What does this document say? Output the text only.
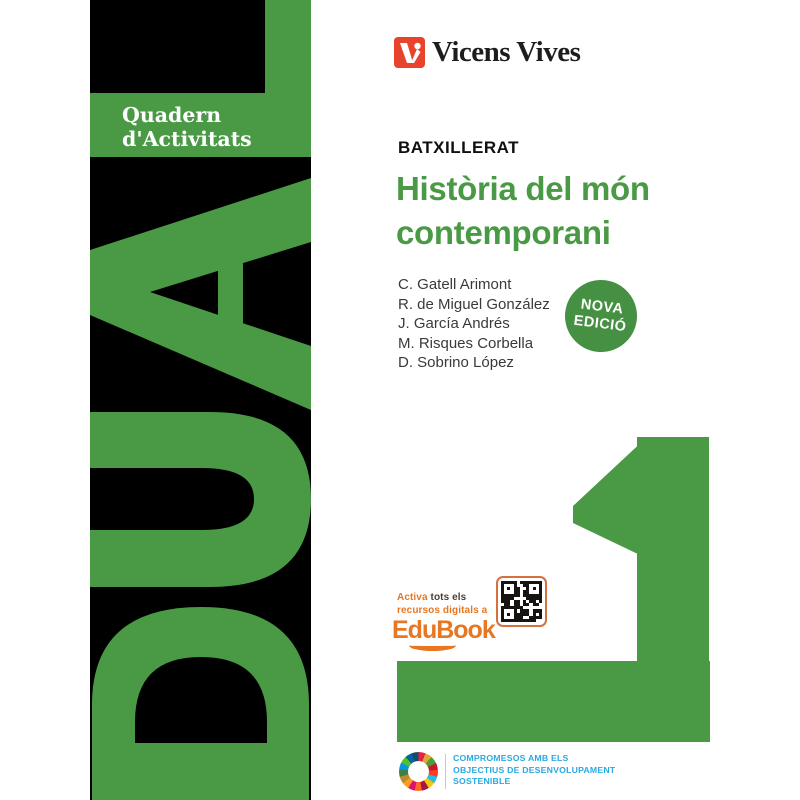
Quadern
d'Activitats
Vicens Vives
BATXILLERAT
Història del món
contemporani
C. Gatell Arimont
R. de Miguel González
J. García Andrés
M. Risques Corbella
D. Sobrino López
NOVA
EDICIÓ
Activa tots els
recursos digitals a
EduBook
COMPROMESOS AMB ELS
OBJECTIUS DE DESENVOLUPAMENT
SOSTENIBLE
